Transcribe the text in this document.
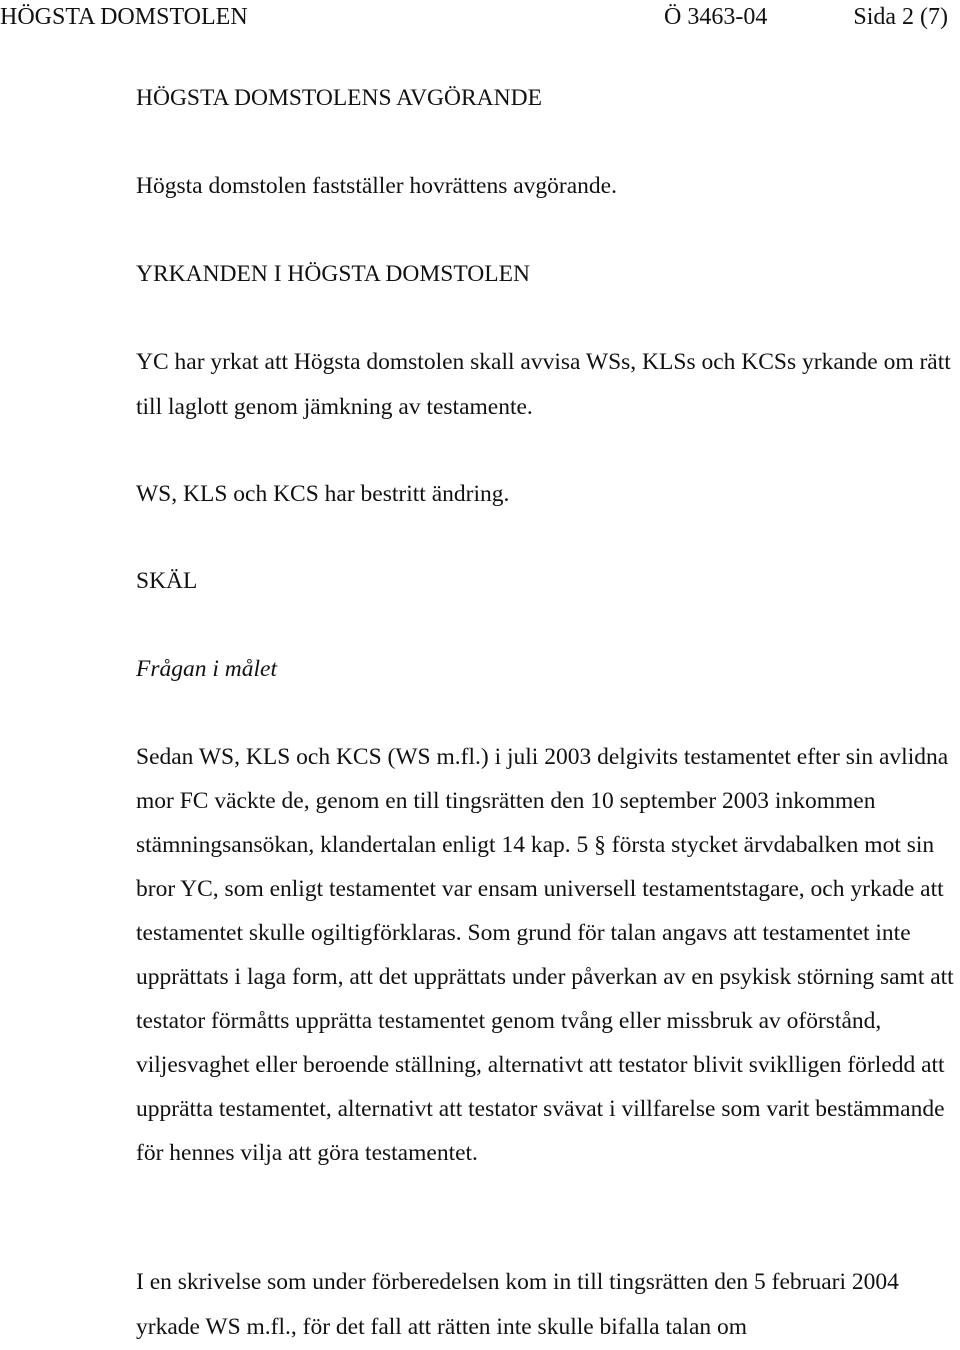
HÖGSTA DOMSTOLEN	Ö 3463-04	Sida 2 (7)

HÖGSTA DOMSTOLENS AVGÖRANDE

Högsta domstolen fastställer hovrättens avgörande.

YRKANDEN I HÖGSTA DOMSTOLEN

YC har yrkat att Högsta domstolen skall avvisa WSs, KLSs och KCSs yrkande om rätt till laglott genom jämkning av testamente.

WS, KLS och KCS har bestritt ändring.

SKÄL

Frågan i målet

Sedan WS, KLS och KCS (WS m.fl.) i juli 2003 delgivits testamentet efter sin avlidna mor FC väckte de, genom en till tingsrätten den 10 september 2003 inkommen stämningsansökan, klandertalan enligt 14 kap. 5 § första stycket ärvdabalken mot sin bror YC, som enligt testamentet var ensam universell testamentstagare, och yrkade att testamentet skulle ogiltigförklaras. Som grund för talan angavs att testamentet inte upprättats i laga form, att det upprättats under påverkan av en psykisk störning samt att testator förmåtts upprätta testamentet genom tvång eller missbruk av oförstånd, viljesvaghet eller beroende ställning, alternativt att testator blivit sviklligen förledd att upprätta testamentet, alternativt att testator svävat i villfarelse som varit bestämmande för hennes vilja att göra testamentet.

I en skrivelse som under förberedelsen kom in till tingsrätten den 5 februari 2004 yrkade WS m.fl., för det fall att rätten inte skulle bifalla talan om
